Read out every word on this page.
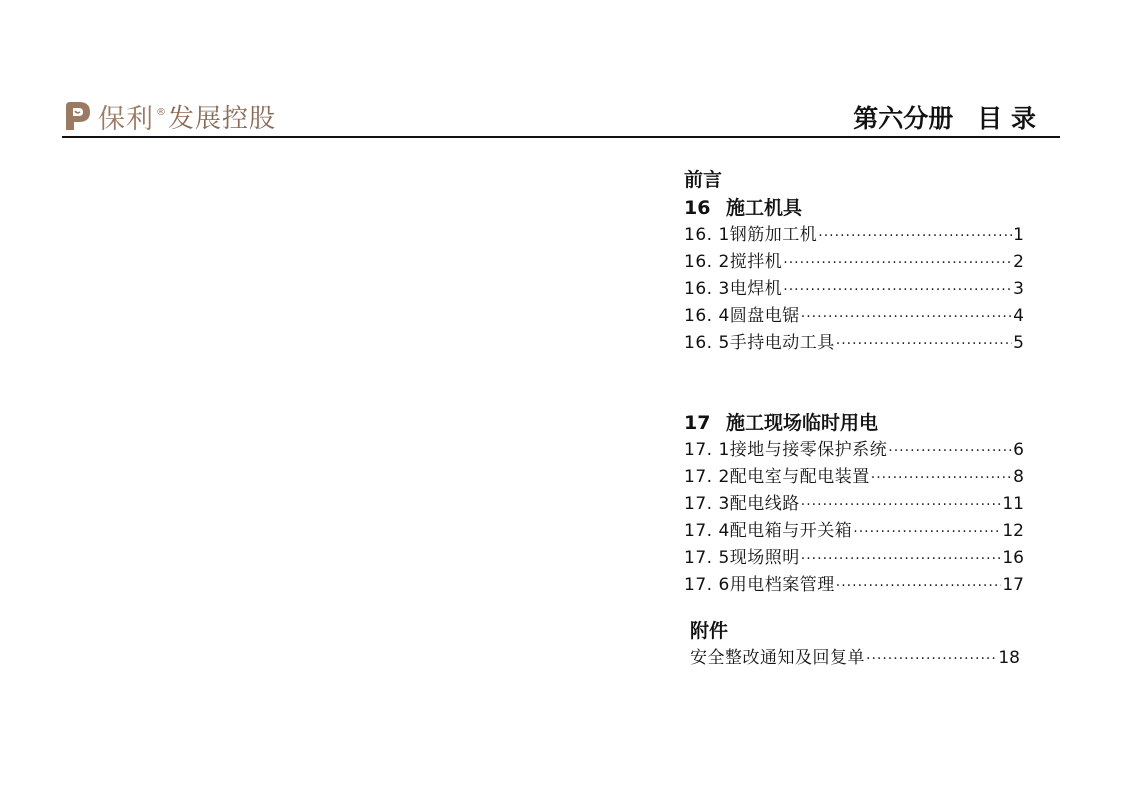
保利 ® 发展控股	第六分册 目 录
前言
16 施工机具
16. 1钢筋加工机 ·····	1
16. 2搅拌机 ·····	2
16. 3电焊机 ·····	3
16. 4圆盘电锯 ·····	4
16. 5手持电动工具 ·····	5
17 施工现场临时用电
17. 1接地与接零保护系统 ·····	6
17. 2配电室与配电装置 ·····	8
17. 3配电线路 ·····	11
17. 4配电箱与开关箱 ·····	12
17. 5现场照明 ·····	16
17. 6用电档案管理 ·····	17
附件
安全整改通知及回复单 ·····	18
